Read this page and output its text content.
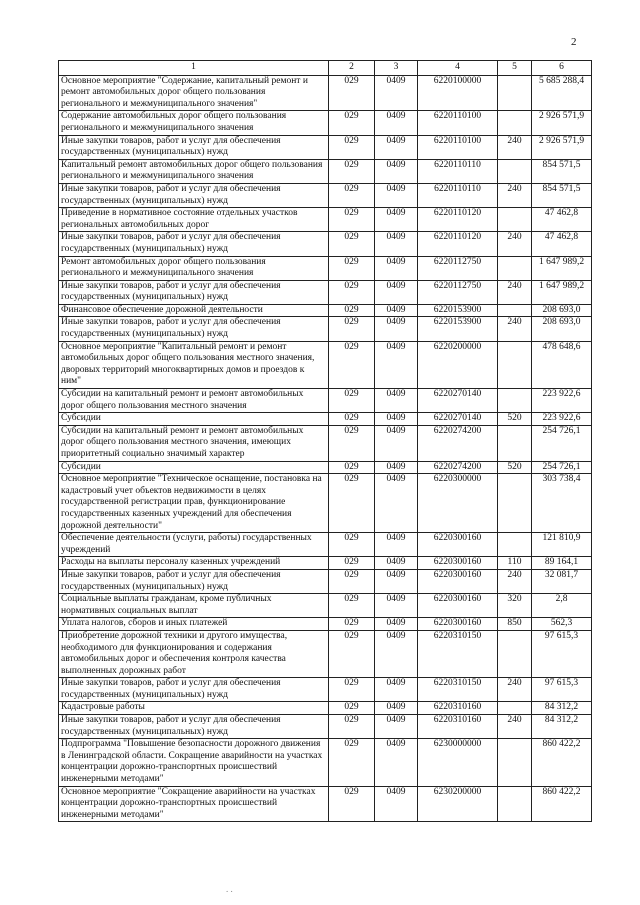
2
1	2	3	4	5	6
Основное мероприятие "Содержание, капитальный ремонт и ремонт автомобильных дорог общего пользования регионального и межмуниципального значения"	029	0409	6220100000		5 685 288,4
Содержание автомобильных дорог общего пользования регионального и межмуниципального значения	029	0409	6220110100		2 926 571,9
Иные закупки товаров, работ и услуг для обеспечения государственных (муниципальных) нужд	029	0409	6220110100	240	2 926 571,9
Капитальный ремонт автомобильных дорог общего пользования регионального и межмуниципального значения	029	0409	6220110110		854 571,5
Иные закупки товаров, работ и услуг для обеспечения государственных (муниципальных) нужд	029	0409	6220110110	240	854 571,5
Приведение в нормативное состояние отдельных участков региональных автомобильных дорог	029	0409	6220110120		47 462,8
Иные закупки товаров, работ и услуг для обеспечения государственных (муниципальных) нужд	029	0409	6220110120	240	47 462,8
Ремонт автомобильных дорог общего пользования регионального и межмуниципального значения	029	0409	6220112750		1 647 989,2
Иные закупки товаров, работ и услуг для обеспечения государственных (муниципальных) нужд	029	0409	6220112750	240	1 647 989,2
Финансовое обеспечение дорожной деятельности	029	0409	6220153900		208 693,0
Иные закупки товаров, работ и услуг для обеспечения государственных (муниципальных) нужд	029	0409	6220153900	240	208 693,0
Основное мероприятие "Капитальный ремонт и ремонт автомобильных дорог общего пользования местного значения, дворовых территорий многоквартирных домов и проездов к ним"	029	0409	6220200000		478 648,6
Субсидии на капитальный ремонт и ремонт автомобильных дорог общего пользования местного значения	029	0409	6220270140		223 922,6
Субсидии	029	0409	6220270140	520	223 922,6
Субсидии на капитальный ремонт и ремонт автомобильных дорог общего пользования местного значения, имеющих приоритетный социально значимый характер	029	0409	6220274200		254 726,1
Субсидии	029	0409	6220274200	520	254 726,1
Основное мероприятие "Техническое оснащение, постановка на кадастровый учет объектов недвижимости в целях государственной регистрации прав, функционирование государственных казенных учреждений для обеспечения дорожной деятельности"	029	0409	6220300000		303 738,4
Обеспечение деятельности (услуги, работы) государственных учреждений	029	0409	6220300160		121 810,9
Расходы на выплаты персоналу казенных учреждений	029	0409	6220300160	110	89 164,1
Иные закупки товаров, работ и услуг для обеспечения государственных (муниципальных) нужд	029	0409	6220300160	240	32 081,7
Социальные выплаты гражданам, кроме публичных нормативных социальных выплат	029	0409	6220300160	320	2,8
Уплата налогов, сборов и иных платежей	029	0409	6220300160	850	562,3
Приобретение дорожной техники и другого имущества, необходимого для функционирования и содержания автомобильных дорог и обеспечения контроля качества выполненных дорожных работ	029	0409	6220310150		97 615,3
Иные закупки товаров, работ и услуг для обеспечения государственных (муниципальных) нужд	029	0409	6220310150	240	97 615,3
Кадастровые работы	029	0409	6220310160		84 312,2
Иные закупки товаров, работ и услуг для обеспечения государственных (муниципальных) нужд	029	0409	6220310160	240	84 312,2
Подпрограмма "Повышение безопасности дорожного движения в Ленинградской области. Сокращение аварийности на участках концентрации дорожно-транспортных происшествий инженерными методами"	029	0409	6230000000		860 422,2
Основное мероприятие "Сокращение аварийности на участках концентрации дорожно-транспортных происшествий инженерными методами"	029	0409	6230200000		860 422,2
. .
